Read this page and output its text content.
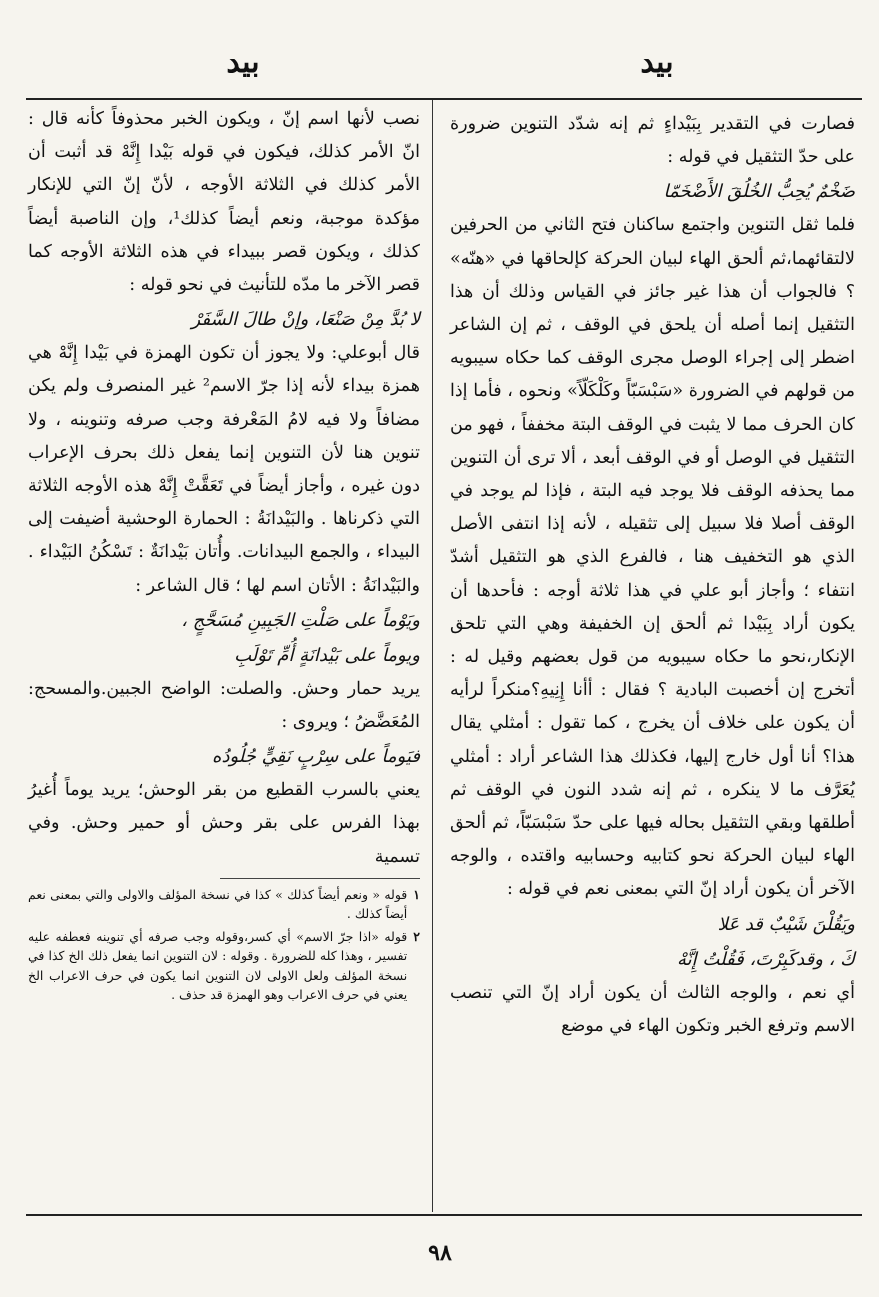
بيد
بيد

فصارت في التقدير بِبَيْداءٍ ثم إنه شدّد التنوين ضرورة على حدّ التثقيل في قوله :

ضَخْمٌ يُحِبُّ الخُلُقَ الأَضْخَمّا

فلما ثقل التنوين واجتمع ساكنان فتح الثاني من الحرفين لالتقائهما،ثم ألحق الهاء لبيان الحركة كإلحاقها في «هنّه» ؟ فالجواب أن هذا غير جائز في القياس وذلك أن هذا التثقيل إنما أصله أن يلحق في الوقف ، ثم إن الشاعر اضطر إلى إجراء الوصل مجرى الوقف كما حكاه سيبويه من قولهم في الضرورة «سَبْسَبّاً وكَلْكَلّاً» ونحوه ، فأما إذا كان الحرف مما لا يثبت في الوقف البتة مخففاً ، فهو من التثقيل في الوصل أو في الوقف أبعد ، ألا ترى أن التنوين مما يحذفه الوقف فلا يوجد فيه البتة ، فإذا لم يوجد في الوقف أصلا فلا سبيل إلى تثقيله ، لأنه إذا انتفى الأصل الذي هو التخفيف هنا ، فالفرع الذي هو التثقيل أشدّ انتفاء ؛ وأجاز أبو علي في هذا ثلاثة أوجه : فأحدها أن يكون أراد بِبَيْدا ثم ألحق إن الخفيفة وهي التي تلحق الإنكار،نحو ما حكاه سيبويه من قول بعضهم وقيل له : أتخرج إن أخصبت البادية ؟ فقال : أأنا إِنِيهِ؟منكراً لرأيه أن يكون على خلاف أن يخرج ، كما تقول : أمثلي يقال هذا؟ أنا أول خارج إليها، فكذلك هذا الشاعر أراد : أمثلي يُعَرَّف ما لا ينكره ، ثم إنه شدد النون في الوقف ثم أطلقها وبقي التثقيل بحاله فيها على حدّ سَبْسَبّاً، ثم ألحق الهاء لبيان الحركة نحو كتابيه وحسابيه واقتده ، والوجه الآخر أن يكون أراد إنّ التي بمعنى نعم في قوله :

ويَقُلْنَ شَيْبٌ قد عَلا
كَ ، وقدكَبِرْتَ، فَقُلْتُ إِنَّهْ

أي نعم ، والوجه الثالث أن يكون أراد إنّ التي تنصب الاسم وترفع الخبر وتكون الهاء في موضع

نصب لأنها اسم إنّ ، ويكون الخبر محذوفاً كأنه قال : انّ الأمر كذلك، فيكون في قوله بَيْدا إِنَّهْ قد أثبت أن الأمر كذلك في الثلاثة الأوجه ، لأنّ إنّ التي للإنكار مؤكدة موجبة، ونعم أيضاً كذلك¹، وإن الناصبة أيضاً كذلك ، ويكون قصر ببيداء في هذه الثلاثة الأوجه كما قصر الآخر ما مدّه للتأنيث في نحو قوله :

لا بُدَّ مِنْ صَنْعَا، وإنْ طالَ السَّفَرْ

قال أبوعلي: ولا يجوز أن تكون الهمزة في بَيْدا إِنَّهْ هي همزة بيداء لأنه إذا جرّ الاسم² غير المنصرف ولم يكن مضافاً ولا فيه لامُ المَعْرفة وجب صرفه وتنوينه ، ولا تنوين هنا لأن التنوين إنما يفعل ذلك بحرف الإعراب دون غيره ، وأجاز أيضاً في تَعَقَّتْ إِنَّهْ هذه الأوجه الثلاثة التي ذكرناها . والبَيْدانَةُ : الحمارة الوحشية أضيفت إلى البيداء ، والجمع البيدانات. وأُتان بَيْدانَةٌ : تَسْكُنُ البَيْداء . والبَيْدانَةُ : الأتان اسم لها ؛ قال الشاعر :

ويَوْماً على صَلْتِ الجَبِينِ مُسَحَّجٍ ،
ويوماً على بَيْدانَةٍ أُمِّ تَوْلَبِ

يريد حمار وحش. والصلت: الواضح الجبين.والمسحج: المُعَضَّضُ ؛ ويروى :

فيَوماً على سِرْبٍ نَقِيٍّ جُلُودُه

يعني بالسرب القطيع من بقر الوحش؛ يريد يوماً أُغيرُ بهذا الفرس على بقر وحش أو حمير وحش. وفي تسمية

١
قوله « ونعم أيضاً كذلك » كذا في نسخة المؤلف والاولى والتي بمعنى نعم أيضاً كذلك .
٢
قوله «اذا جرّ الاسم» أي كسر،وقوله وجب صرفه أي تنوينه فعطفه عليه تفسير ، وهذا كله للضرورة . وقوله : لان التنوين انما يفعل ذلك الخ كذا في نسخة المؤلف ولعل الاولى لان التنوين انما يكون في حرف الاعراب الخ يعني في حرف الاعراب وهو الهمزة قد حذف .
٩٨
